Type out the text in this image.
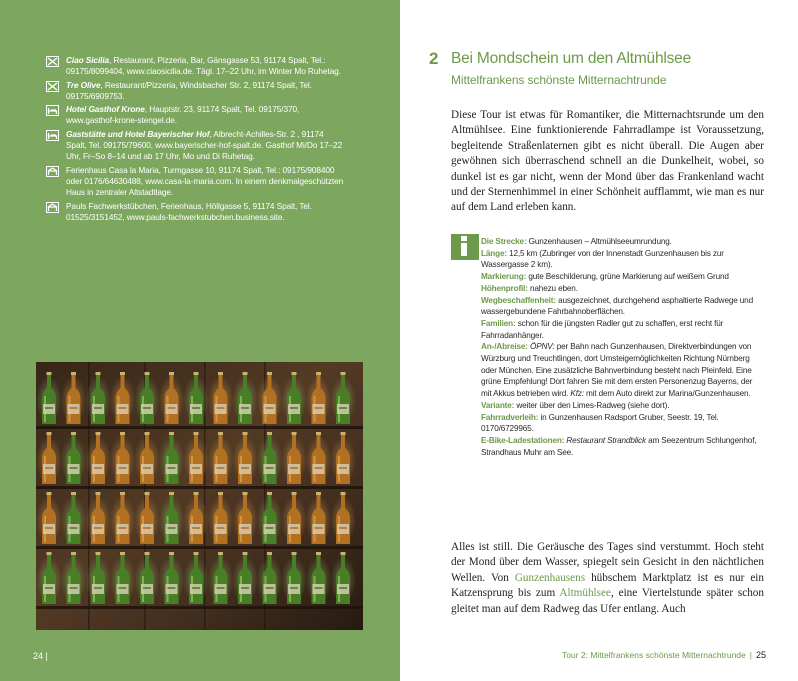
Ciao Sicilia, Restaurant, Pizzeria, Bar, Gänsgasse 53, 91174 Spalt, Tel.: 09175/8099404, www.ciaosicilia.de. Tägl. 17–22 Uhr, im Winter Mo Ruhetag.
Tre Olive, Restaurant/Pizzeria, Windsbacher Str. 2, 91174 Spalt, Tel. 09175/6909753.
Hotel Gasthof Krone, Hauptstr. 23, 91174 Spalt, Tel. 09175/370, www.gasthof-krone-stengel.de.
Gaststätte und Hotel Bayerischer Hof, Albrecht-Achilles-Str. 2 , 91174 Spalt, Tel. 09175/79600, www.bayerischer-hof-spalt.de. Gasthof Mi/Do 17–22 Uhr, Fr–So 8–14 und ab 17 Uhr, Mo und Di Ruhetag.
Ferienhaus Casa la Maria, Turmgasse 10, 91174 Spalt, Tel.: 09175/908400 oder 0176/64630488, www.casa-la-maria.com. In einem denkmalgeschützten Haus in zentraler Altstadtlage.
Pauls Fachwerkstübchen, Ferienhaus, Höllgasse 5, 91174 Spalt, Tel. 01525/3151452, www.pauls-fachwerkstubchen.business.site.
24 |
2 Bei Mondschein um den Altmühlsee
Mittelfrankens schönste Mitternachtrunde

Diese Tour ist etwas für Romantiker, die Mitternachtsrunde um den Altmühlsee. Eine funktionierende Fahrradlampe ist Voraussetzung, begleitende Straßenlaternen gibt es nicht überall. Die Augen aber gewöhnen sich überraschend schnell an die Dunkelheit, wobei, so dunkel ist es gar nicht, wenn der Mond über das Frankenland wacht und der Sternenhimmel in einer Schönheit aufflammt, wie man es nur auf dem Land erleben kann.

Die Strecke: Gunzenhausen – Altmühlseeumrundung.
Länge: 12,5 km (Zubringer von der Innenstadt Gunzenhausen bis zur Wassergasse 2 km).
Markierung: gute Beschilderung, grüne Markierung auf weißem Grund
Höhenprofil: nahezu eben.
Wegbeschaffenheit: ausgezeichnet, durchgehend asphaltierte Radwege und wassergebundene Fahrbahnoberflächen.
Familien: schon für die jüngsten Radler gut zu schaffen, erst recht für Fahrradanhänger.
An-/Abreise: ÖPNV: per Bahn nach Gunzenhausen, Direktverbindungen von Würzburg und Treuchtlingen, dort Umsteigemöglichkeiten Richtung Nürnberg oder München. Eine zusätzliche Bahnverbindung besteht nach Pleinfeld. Eine grüne Empfehlung! Dort fahren Sie mit dem ersten Personenzug Bayerns, der mit Akkus betrieben wird. Kfz: mit dem Auto direkt zur Marina/Gunzenhausen.
Variante: weiter über den Limes-Radweg (siehe dort).
Fahrradverleih: in Gunzenhausen Radsport Gruber, Seestr. 19, Tel. 0170/6729965.
E-Bike-Ladestationen: Restaurant Strandblick am Seezentrum Schlungenhof, Strandhaus Muhr am See.

Alles ist still. Die Geräusche des Tages sind verstummt. Hoch steht der Mond über dem Wasser, spiegelt sein Gesicht in den nächtlichen Wellen. Von Gunzenhausens hübschem Marktplatz ist es nur ein Katzensprung bis zum Altmühlsee, eine Viertelstunde später schon gleitet man auf dem Radweg das Ufer entlang. Auch

Tour 2: Mittelfrankens schönste Mitternachtrunde | 25
